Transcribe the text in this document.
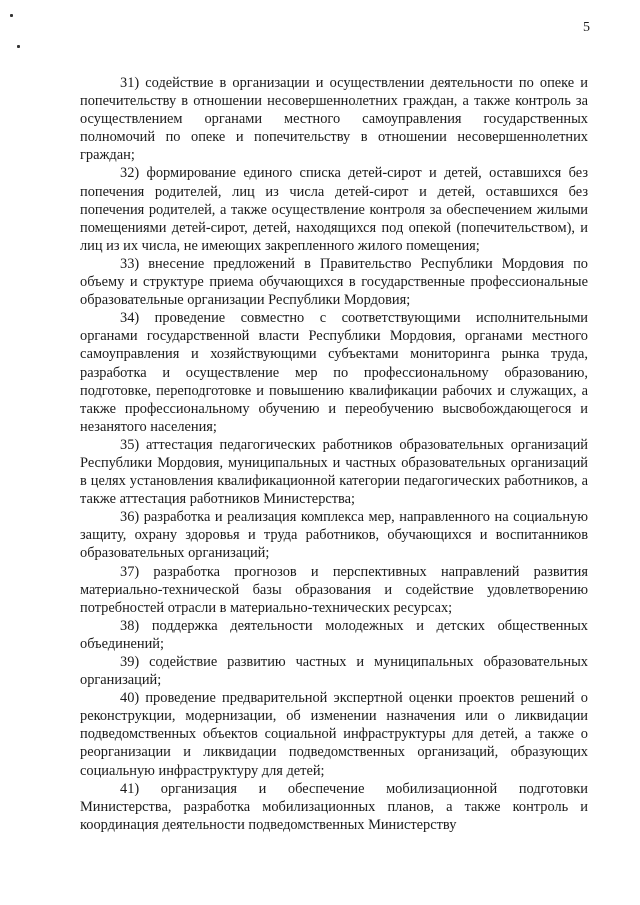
5

31) содействие в организации и осуществлении деятельности по опеке и попечительству в отношении несовершеннолетних граждан, а также контроль за осуществлением органами местного самоуправления государственных полномочий по опеке и попечительству в отношении несовершеннолетних граждан;

32) формирование единого списка детей-сирот и детей, оставшихся без попечения родителей, лиц из числа детей-сирот и детей, оставшихся без попечения родителей, а также осуществление контроля за обеспечением жилыми помещениями детей-сирот, детей, находящихся под опекой (попечительством), и лиц из их числа, не имеющих закрепленного жилого помещения;

33) внесение предложений в Правительство Республики Мордовия по объему и структуре приема обучающихся в государственные профессиональные образовательные организации Республики Мордовия;

34) проведение совместно с соответствующими исполнительными органами государственной власти Республики Мордовия, органами местного самоуправления и хозяйствующими субъектами мониторинга рынка труда, разработка и осуществление мер по профессиональному образованию, подготовке, переподготовке и повышению квалификации рабочих и служащих, а также профессиональному обучению и переобучению высвобождающегося и незанятого населения;

35) аттестация педагогических работников образовательных организаций Республики Мордовия, муниципальных и частных образовательных организаций в целях установления квалификационной категории педагогических работников, а также аттестация работников Министерства;

36) разработка и реализация комплекса мер, направленного на социальную защиту, охрану здоровья и труда работников, обучающихся и воспитанников образовательных организаций;

37) разработка прогнозов и перспективных направлений развития материально-технической базы образования и содействие удовлетворению потребностей отрасли в материально-технических ресурсах;

38) поддержка деятельности молодежных и детских общественных объединений;

39) содействие развитию частных и муниципальных образовательных организаций;

40) проведение предварительной экспертной оценки проектов решений о реконструкции, модернизации, об изменении назначения или о ликвидации подведомственных объектов социальной инфраструктуры для детей, а также о реорганизации и ликвидации подведомственных организаций, образующих социальную инфраструктуру для детей;

41) организация и обеспечение мобилизационной подготовки Министерства, разработка мобилизационных планов, а также контроль и координация деятельности подведомственных Министерству
